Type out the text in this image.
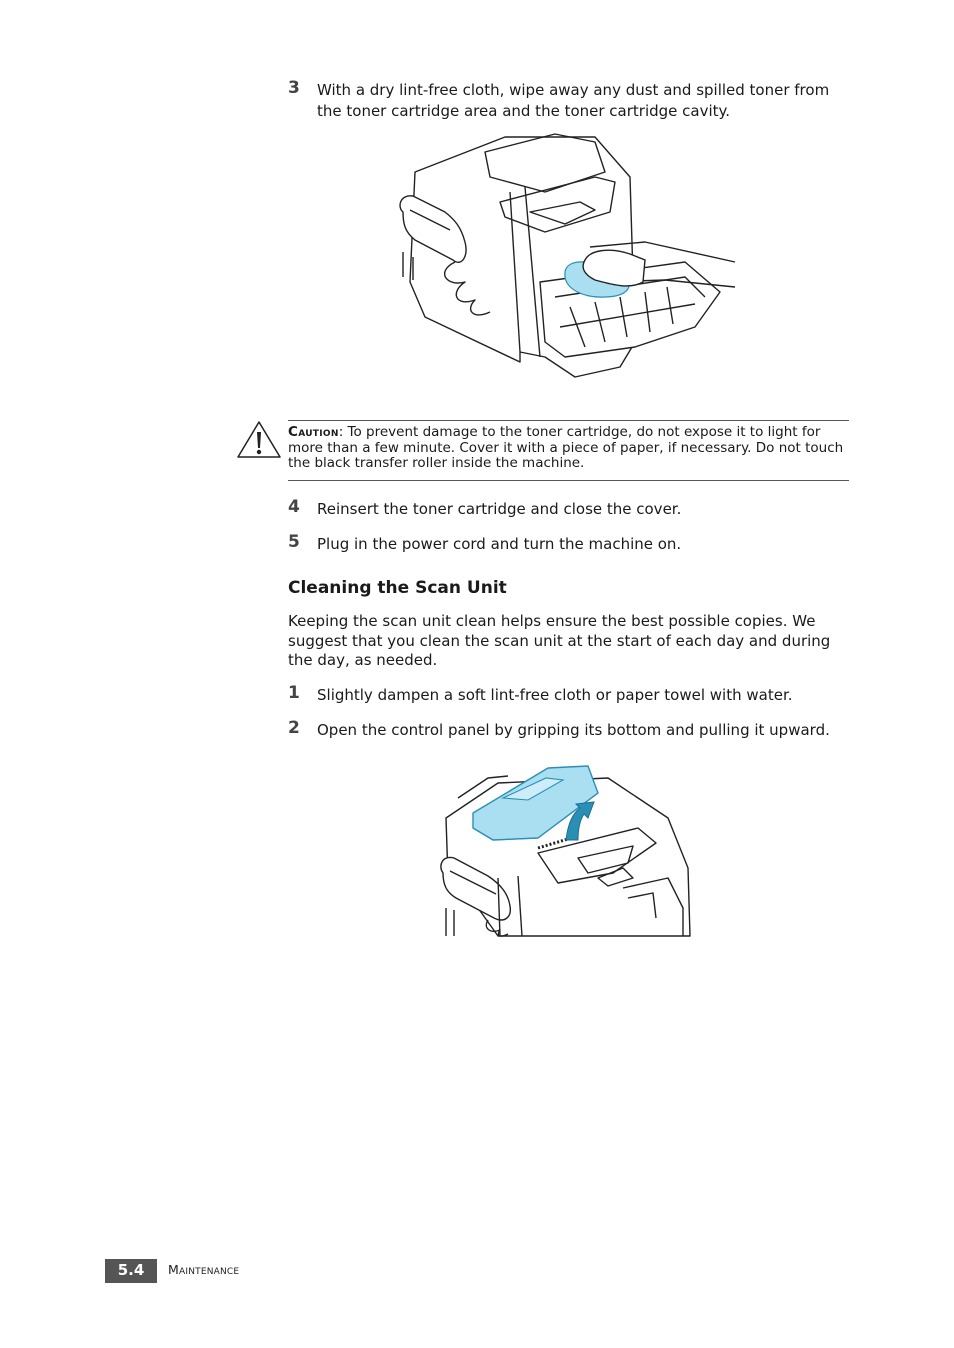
3 With a dry lint-free cloth, wipe away any dust and spilled toner from the toner cartridge area and the toner cartridge cavity.
Caution: To prevent damage to the toner cartridge, do not expose it to light for more than a few minute. Cover it with a piece of paper, if necessary. Do not touch the black transfer roller inside the machine.
4 Reinsert the toner cartridge and close the cover.
5 Plug in the power cord and turn the machine on.
Cleaning the Scan Unit
Keeping the scan unit clean helps ensure the best possible copies. We suggest that you clean the scan unit at the start of each day and during the day, as needed.
1 Slightly dampen a soft lint-free cloth or paper towel with water.
2 Open the control panel by gripping its bottom and pulling it upward.
5.4	Maintenance
